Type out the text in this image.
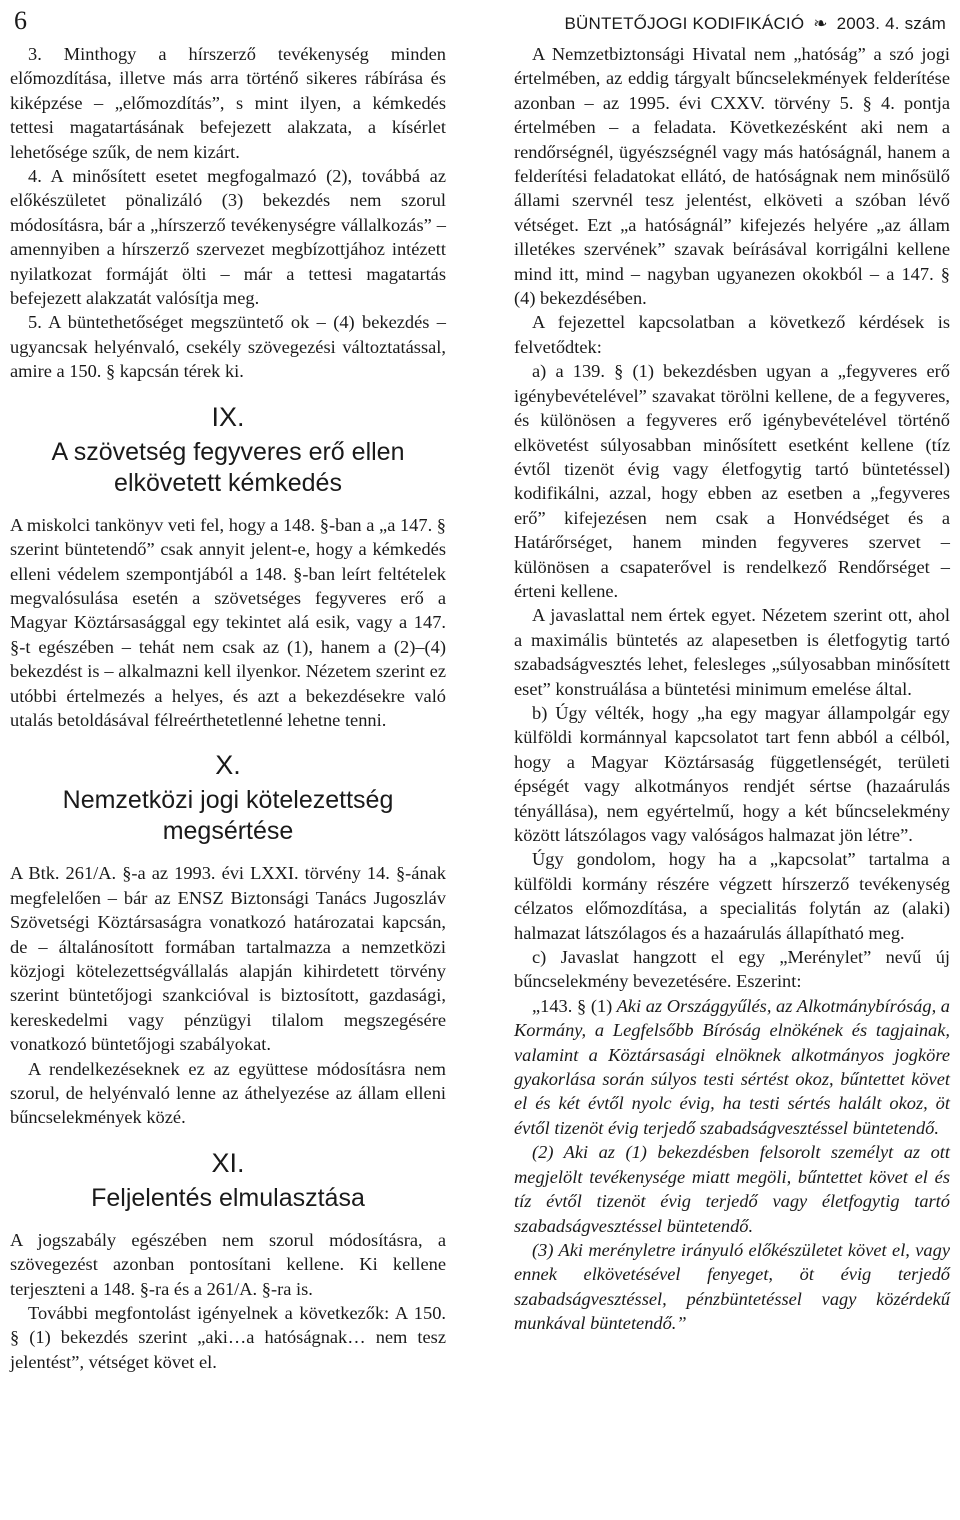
6	BÜNTETŐJOGI KODIFIKÁCIÓ ❧ 2003. 4. szám

3. Minthogy a hírszerző tevékenység minden előmozdítása, illetve más arra történő sikeres rábírása és kiképzése – „előmozdítás”, s mint ilyen, a kémkedés tettesi magatartásának befejezett alakzata, a kísérlet lehetősége szűk, de nem kizárt.

4. A minősített esetet megfogalmazó (2), továbbá az előkészületet pönalizáló (3) bekezdés nem szorul módosításra, bár a „hírszerző tevékenységre vállalkozás” – amennyiben a hírszerző szervezet megbízottjához intézett nyilatkozat formáját ölti – már a tettesi magatartás befejezett alakzatát valósítja meg.

5. A büntethetőséget megszüntető ok – (4) bekezdés – ugyancsak helyénvaló, csekély szövegezési változtatással, amire a 150. § kapcsán térek ki.

IX.
A szövetség fegyveres erő ellen elkövetett kémkedés

A miskolci tankönyv veti fel, hogy a 148. §-ban a „a 147. § szerint büntetendő” csak annyit jelent-e, hogy a kémkedés elleni védelem szempontjából a 148. §-ban leírt feltételek megvalósulása esetén a szövetséges fegyveres erő a Magyar Köztársasággal egy tekintet alá esik, vagy a 147. §-t egészében – tehát nem csak az (1), hanem a (2)–(4) bekezdést is – alkalmazni kell ilyenkor. Nézetem szerint ez utóbbi értelmezés a helyes, és azt a bekezdésekre való utalás betoldásával félreérthetetlenné lehetne tenni.

X.
Nemzetközi jogi kötelezettség megsértése

A Btk. 261/A. §-a az 1993. évi LXXI. törvény 14. §-ának megfelelően – bár az ENSZ Biztonsági Tanács Jugoszláv Szövetségi Köztársaságra vonatkozó határozatai kapcsán, de – általánosított formában tartalmazza a nemzetközi közjogi kötelezettségvállalás alapján kihirdetett törvény szerint büntetőjogi szankcióval is biztosított, gazdasági, kereskedelmi vagy pénzügyi tilalom megszegésére vonatkozó büntetőjogi szabályokat.

A rendelkezéseknek ez az együttese módosításra nem szorul, de helyénvaló lenne az áthelyezése az állam elleni bűncselekmények közé.

XI.
Feljelentés elmulasztása

A jogszabály egészében nem szorul módosításra, a szövegezést azonban pontosítani kellene. Ki kellene terjeszteni a 148. §-ra és a 261/A. §-ra is.

További megfontolást igényelnek a következők: A 150. § (1) bekezdés szerint „aki…a hatóságnak… nem tesz jelentést”, vétséget követ el.

A Nemzetbiztonsági Hivatal nem „hatóság” a szó jogi értelmében, az eddig tárgyalt bűncselekmények felderítése azonban – az 1995. évi CXXV. törvény 5. § 4. pontja értelmében – a feladata. Következésként aki nem a rendőrségnél, ügyészségnél vagy más hatóságnál, hanem a felderítési feladatokat ellátó, de hatóságnak nem minősülő állami szervnél tesz jelentést, elköveti a szóban lévő vétséget. Ezt „a hatóságnál” kifejezés helyére „az állam illetékes szervének” szavak beírásával korrigálni kellene mind itt, mind – nagyban ugyanezen okokból – a 147. § (4) bekezdésében.

A fejezettel kapcsolatban a következő kérdések is felvetődtek:

a) a 139. § (1) bekezdésben ugyan a „fegyveres erő igénybevételével” szavakat törölni kellene, de a fegyveres, és különösen a fegyveres erő igénybevételével történő elkövetést súlyosabban minősített esetként kellene (tíz évtől tizenöt évig vagy életfogytig tartó büntetéssel) kodifikálni, azzal, hogy ebben az esetben a „fegyveres erő” kifejezésen nem csak a Honvédséget és a Határőrséget, hanem minden fegyveres szervet – különösen a csapaterővel is rendelkező Rendőrséget – érteni kellene.

A javaslattal nem értek egyet. Nézetem szerint ott, ahol a maximális büntetés az alapesetben is életfogytig tartó szabadságvesztés lehet, felesleges „súlyosabban minősített eset” konstruálása a büntetési minimum emelése által.

b) Úgy vélték, hogy „ha egy magyar állampolgár egy külföldi kormánnyal kapcsolatot tart fenn abból a célból, hogy a Magyar Köztársaság függetlenségét, területi épségét vagy alkotmányos rendjét sértse (hazaárulás tényállása), nem egyértelmű, hogy a két bűncselekmény között látszólagos vagy valóságos halmazat jön létre”.

Úgy gondolom, hogy ha a „kapcsolat” tartalma a külföldi kormány részére végzett hírszerző tevékenység célzatos előmozdítása, a specialitás folytán az (alaki) halmazat látszólagos és a hazaárulás állapítható meg.

c) Javaslat hangzott el egy „Merénylet” nevű új bűncselekmény bevezetésére. Eszerint:

„143. § (1) Aki az Országgyűlés, az Alkotmánybíróság, a Kormány, a Legfelsőbb Bíróság elnökének és tagjainak, valamint a Köztársasági elnöknek alkotmányos jogköre gyakorlása során súlyos testi sértést okoz, bűntettet követ el és két évtől nyolc évig, ha testi sértés halált okoz, öt évtől tizenöt évig terjedő szabadságvesztéssel büntetendő.

(2) Aki az (1) bekezdésben felsorolt személyt az ott megjelölt tevékenysége miatt megöli, bűntettet követ el és tíz évtől tizenöt évig terjedő vagy életfogytig tartó szabadságvesztéssel büntetendő.

(3) Aki merényletre irányuló előkészületet követ el, vagy ennek elkövetésével fenyeget, öt évig terjedő szabadságvesztéssel, pénzbüntetéssel vagy közérdekű munkával büntetendő.”
